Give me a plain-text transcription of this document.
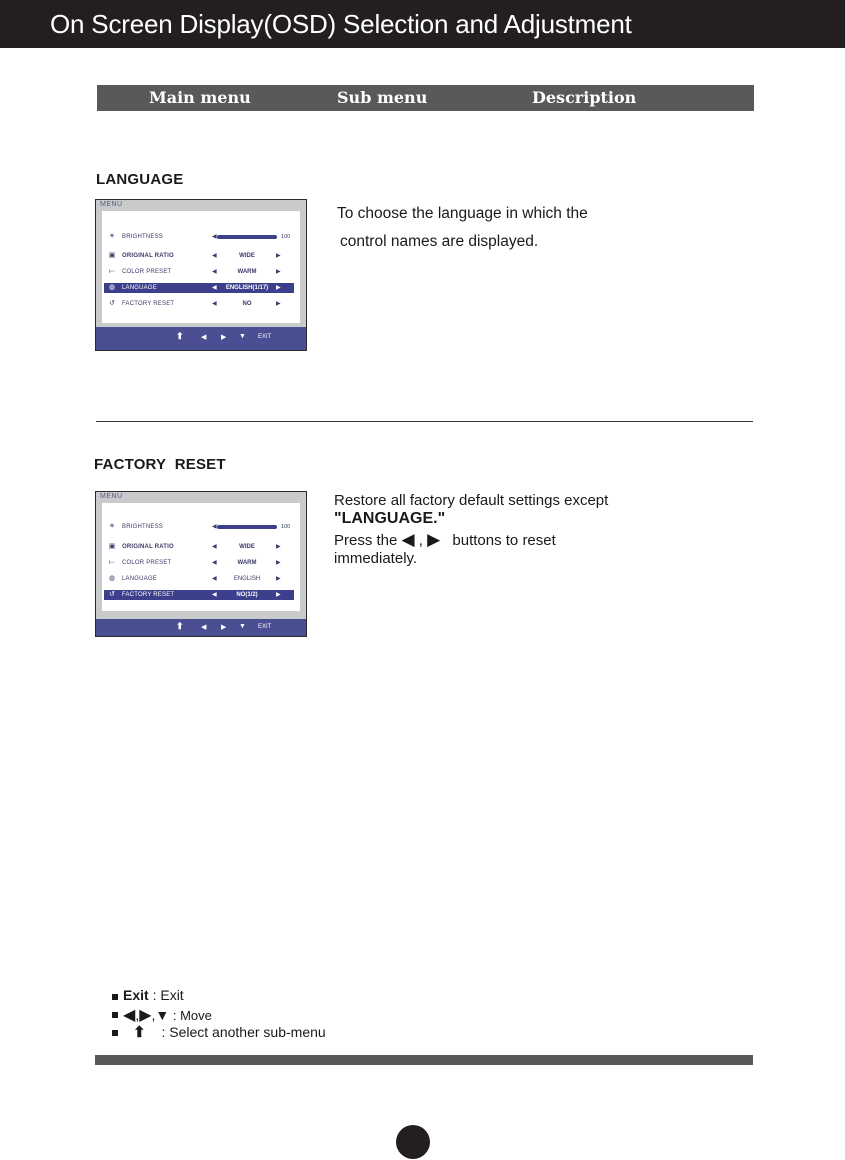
On Screen Display(OSD) Selection and Adjustment
Main menu	Sub menu	Description
LANGUAGE
MENU
☀ BRIGHTNESS	◀	100
▣ ORIGINAL RATIO	◀	WIDE	▶
⟝ COLOR PRESET	◀	WARM	▶
◍ LANGUAGE	◀	ENGLISH(1/17)	▶
↺ FACTORY RESET	◀	NO	▶
⬆ ◀ ▶ ▼ EXIT
To choose the language in which the
control names are displayed.
FACTORY  RESET
MENU
☀ BRIGHTNESS	◀	100
▣ ORIGINAL RATIO	◀	WIDE	▶
⟝ COLOR PRESET	◀	WARM	▶
◍ LANGUAGE	◀	ENGLISH	▶
↺ FACTORY RESET	◀	NO(1/2)	▶
⬆ ◀ ▶ ▼ EXIT
Restore all factory default settings except
"LANGUAGE."
Press the ◀ , ▶ buttons to reset
immediately.
Exit : Exit
◀,▶,▼ : Move
⬆ : Select another sub-menu
